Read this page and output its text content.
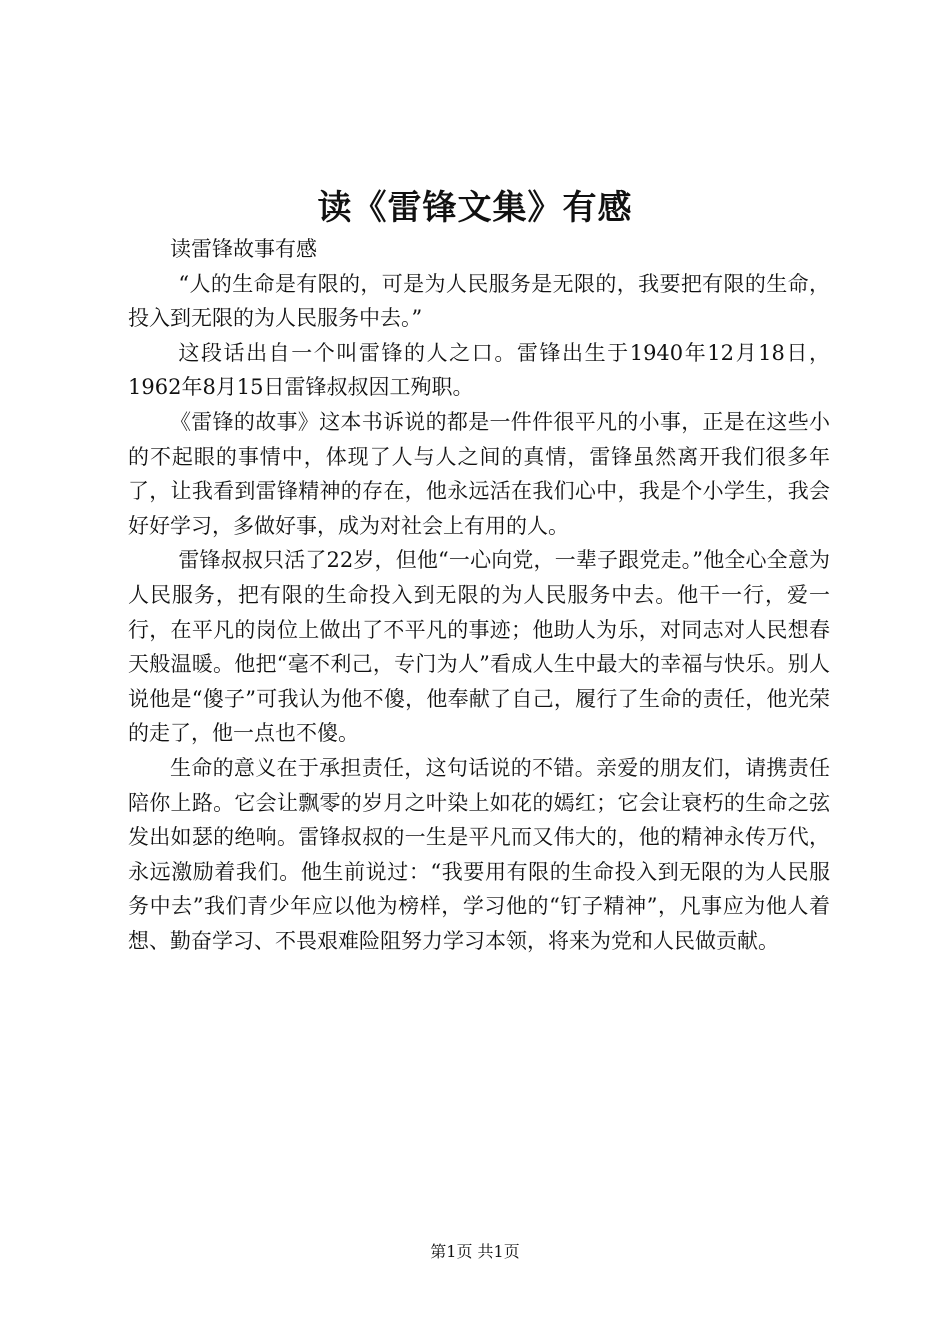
读《雷锋文集》有感

读雷锋故事有感

“人的生命是有限的，可是为人民服务是无限的，我要把有限的生命，投入到无限的为人民服务中去。”

这段话出自一个叫雷锋的人之口。雷锋出生于1940年12月18日，1962年8月15日雷锋叔叔因工殉职。

《雷锋的故事》这本书诉说的都是一件件很平凡的小事，正是在这些小的不起眼的事情中，体现了人与人之间的真情，雷锋虽然离开我们很多年了，让我看到雷锋精神的存在，他永远活在我们心中，我是个小学生，我会好好学习，多做好事，成为对社会上有用的人。

雷锋叔叔只活了22岁，但他“一心向党，一辈子跟党走。”他全心全意为人民服务，把有限的生命投入到无限的为人民服务中去。他干一行，爱一行，在平凡的岗位上做出了不平凡的事迹；他助人为乐，对同志对人民想春天般温暖。他把“毫不利己，专门为人”看成人生中最大的幸福与快乐。别人说他是“傻子”可我认为他不傻，他奉献了自己，履行了生命的责任，他光荣的走了，他一点也不傻。

生命的意义在于承担责任，这句话说的不错。亲爱的朋友们，请携责任陪你上路。它会让飘零的岁月之叶染上如花的嫣红；它会让衰朽的生命之弦发出如瑟的绝响。雷锋叔叔的一生是平凡而又伟大的，他的精神永传万代，永远激励着我们。他生前说过：“我要用有限的生命投入到无限的为人民服务中去”我们青少年应以他为榜样，学习他的“钉子精神”，凡事应为他人着想、勤奋学习、不畏艰难险阻努力学习本领，将来为党和人民做贡献。

第1页 共1页
